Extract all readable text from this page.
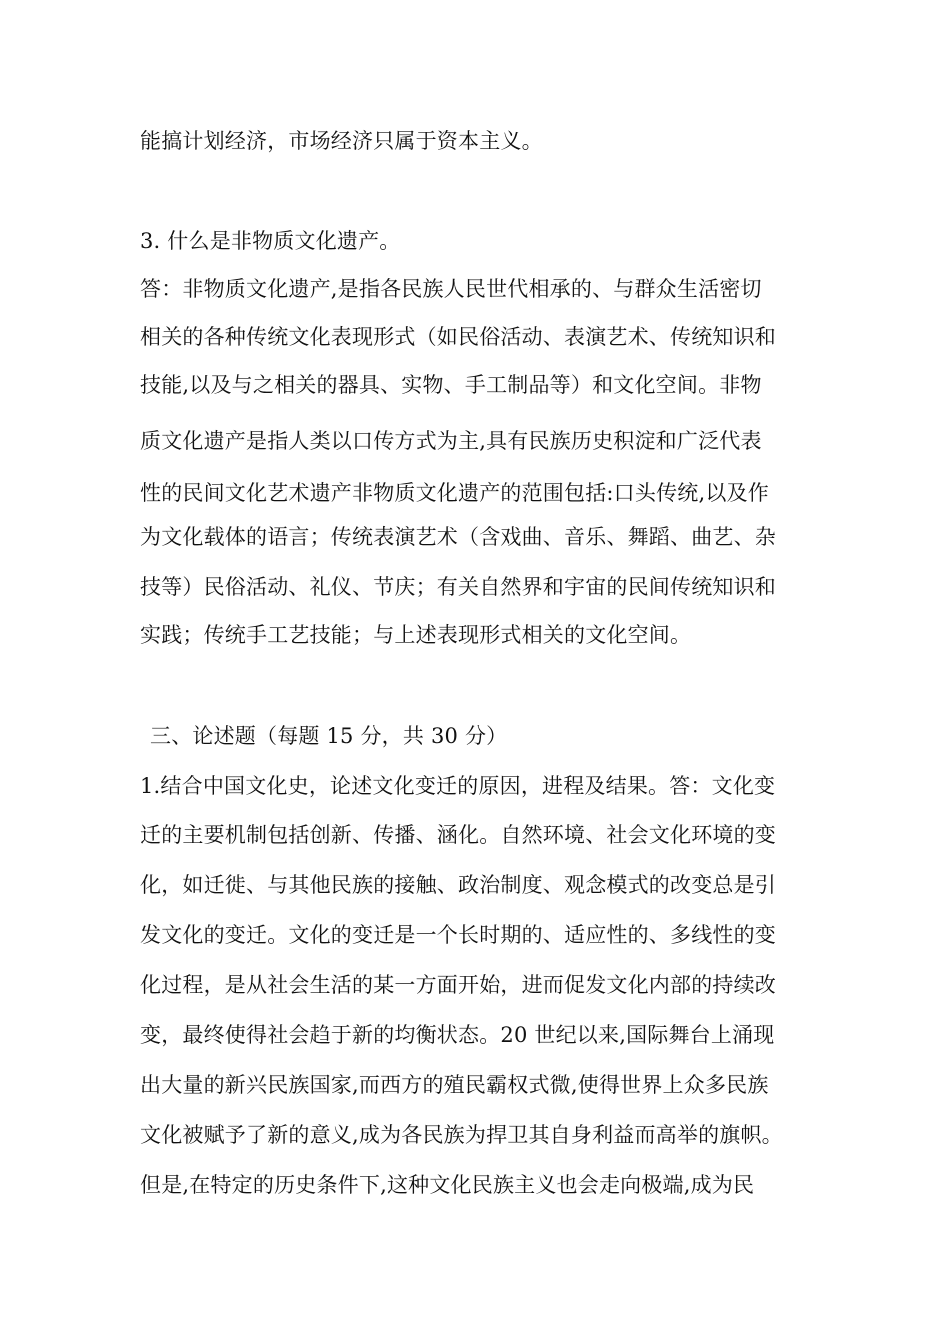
能搞计划经济，市场经济只属于资本主义。
3. 什么是非物质文化遗产。
答：非物质文化遗产,是指各民族人民世代相承的、与群众生活密切
相关的各种传统文化表现形式（如民俗活动、表演艺术、传统知识和
技能,以及与之相关的器具、实物、手工制品等）和文化空间。非物
质文化遗产是指人类以口传方式为主,具有民族历史积淀和广泛代表
性的民间文化艺术遗产非物质文化遗产的范围包括:口头传统,以及作
为文化载体的语言；传统表演艺术（含戏曲、音乐、舞蹈、曲艺、杂
技等）民俗活动、礼仪、节庆；有关自然界和宇宙的民间传统知识和
实践；传统手工艺技能；与上述表现形式相关的文化空间。
三、论述题（每题 15 分，共 30 分）
1.结合中国文化史，论述文化变迁的原因，进程及结果。答：文化变
迁的主要机制包括创新、传播、涵化。自然环境、社会文化环境的变
化，如迁徙、与其他民族的接触、政治制度、观念模式的改变总是引
发文化的变迁。文化的变迁是一个长时期的、适应性的、多线性的变
化过程，是从社会生活的某一方面开始，进而促发文化内部的持续改
变，最终使得社会趋于新的均衡状态。20 世纪以来,国际舞台上涌现
出大量的新兴民族国家,而西方的殖民霸权式微,使得世界上众多民族
文化被赋予了新的意义,成为各民族为捍卫其自身利益而高举的旗帜。
但是,在特定的历史条件下,这种文化民族主义也会走向极端,成为民
